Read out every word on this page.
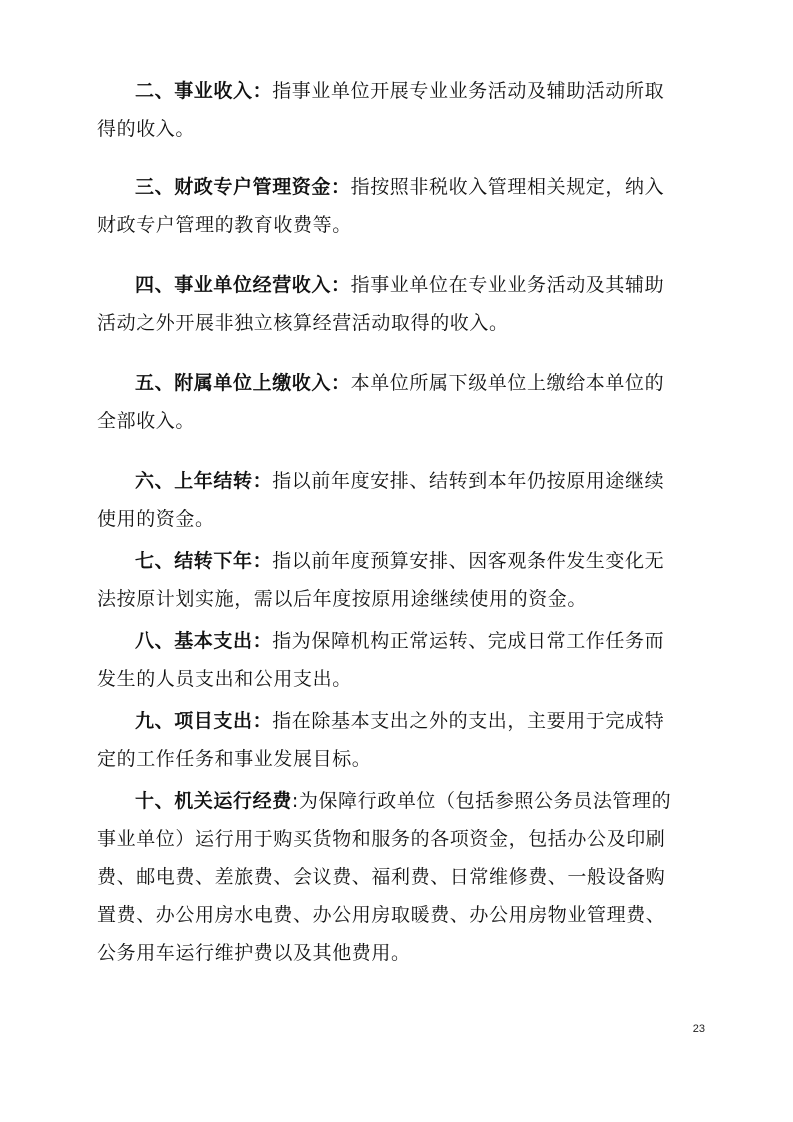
二、事业收入：指事业单位开展专业业务活动及辅助活动所取
得的收入。

三、财政专户管理资金：指按照非税收入管理相关规定，纳入
财政专户管理的教育收费等。

四、事业单位经营收入：指事业单位在专业业务活动及其辅助
活动之外开展非独立核算经营活动取得的收入。

五、附属单位上缴收入：本单位所属下级单位上缴给本单位的
全部收入。

六、上年结转：指以前年度安排、结转到本年仍按原用途继续
使用的资金。

七、结转下年：指以前年度预算安排、因客观条件发生变化无
法按原计划实施，需以后年度按原用途继续使用的资金。

八、基本支出：指为保障机构正常运转、完成日常工作任务而
发生的人员支出和公用支出。

九、项目支出：指在除基本支出之外的支出，主要用于完成特
定的工作任务和事业发展目标。

十、机关运行经费:为保障行政单位（包括参照公务员法管理的
事业单位）运行用于购买货物和服务的各项资金，包括办公及印刷
费、邮电费、差旅费、会议费、福利费、日常维修费、一般设备购
置费、办公用房水电费、办公用房取暖费、办公用房物业管理费、
公务用车运行维护费以及其他费用。

23
